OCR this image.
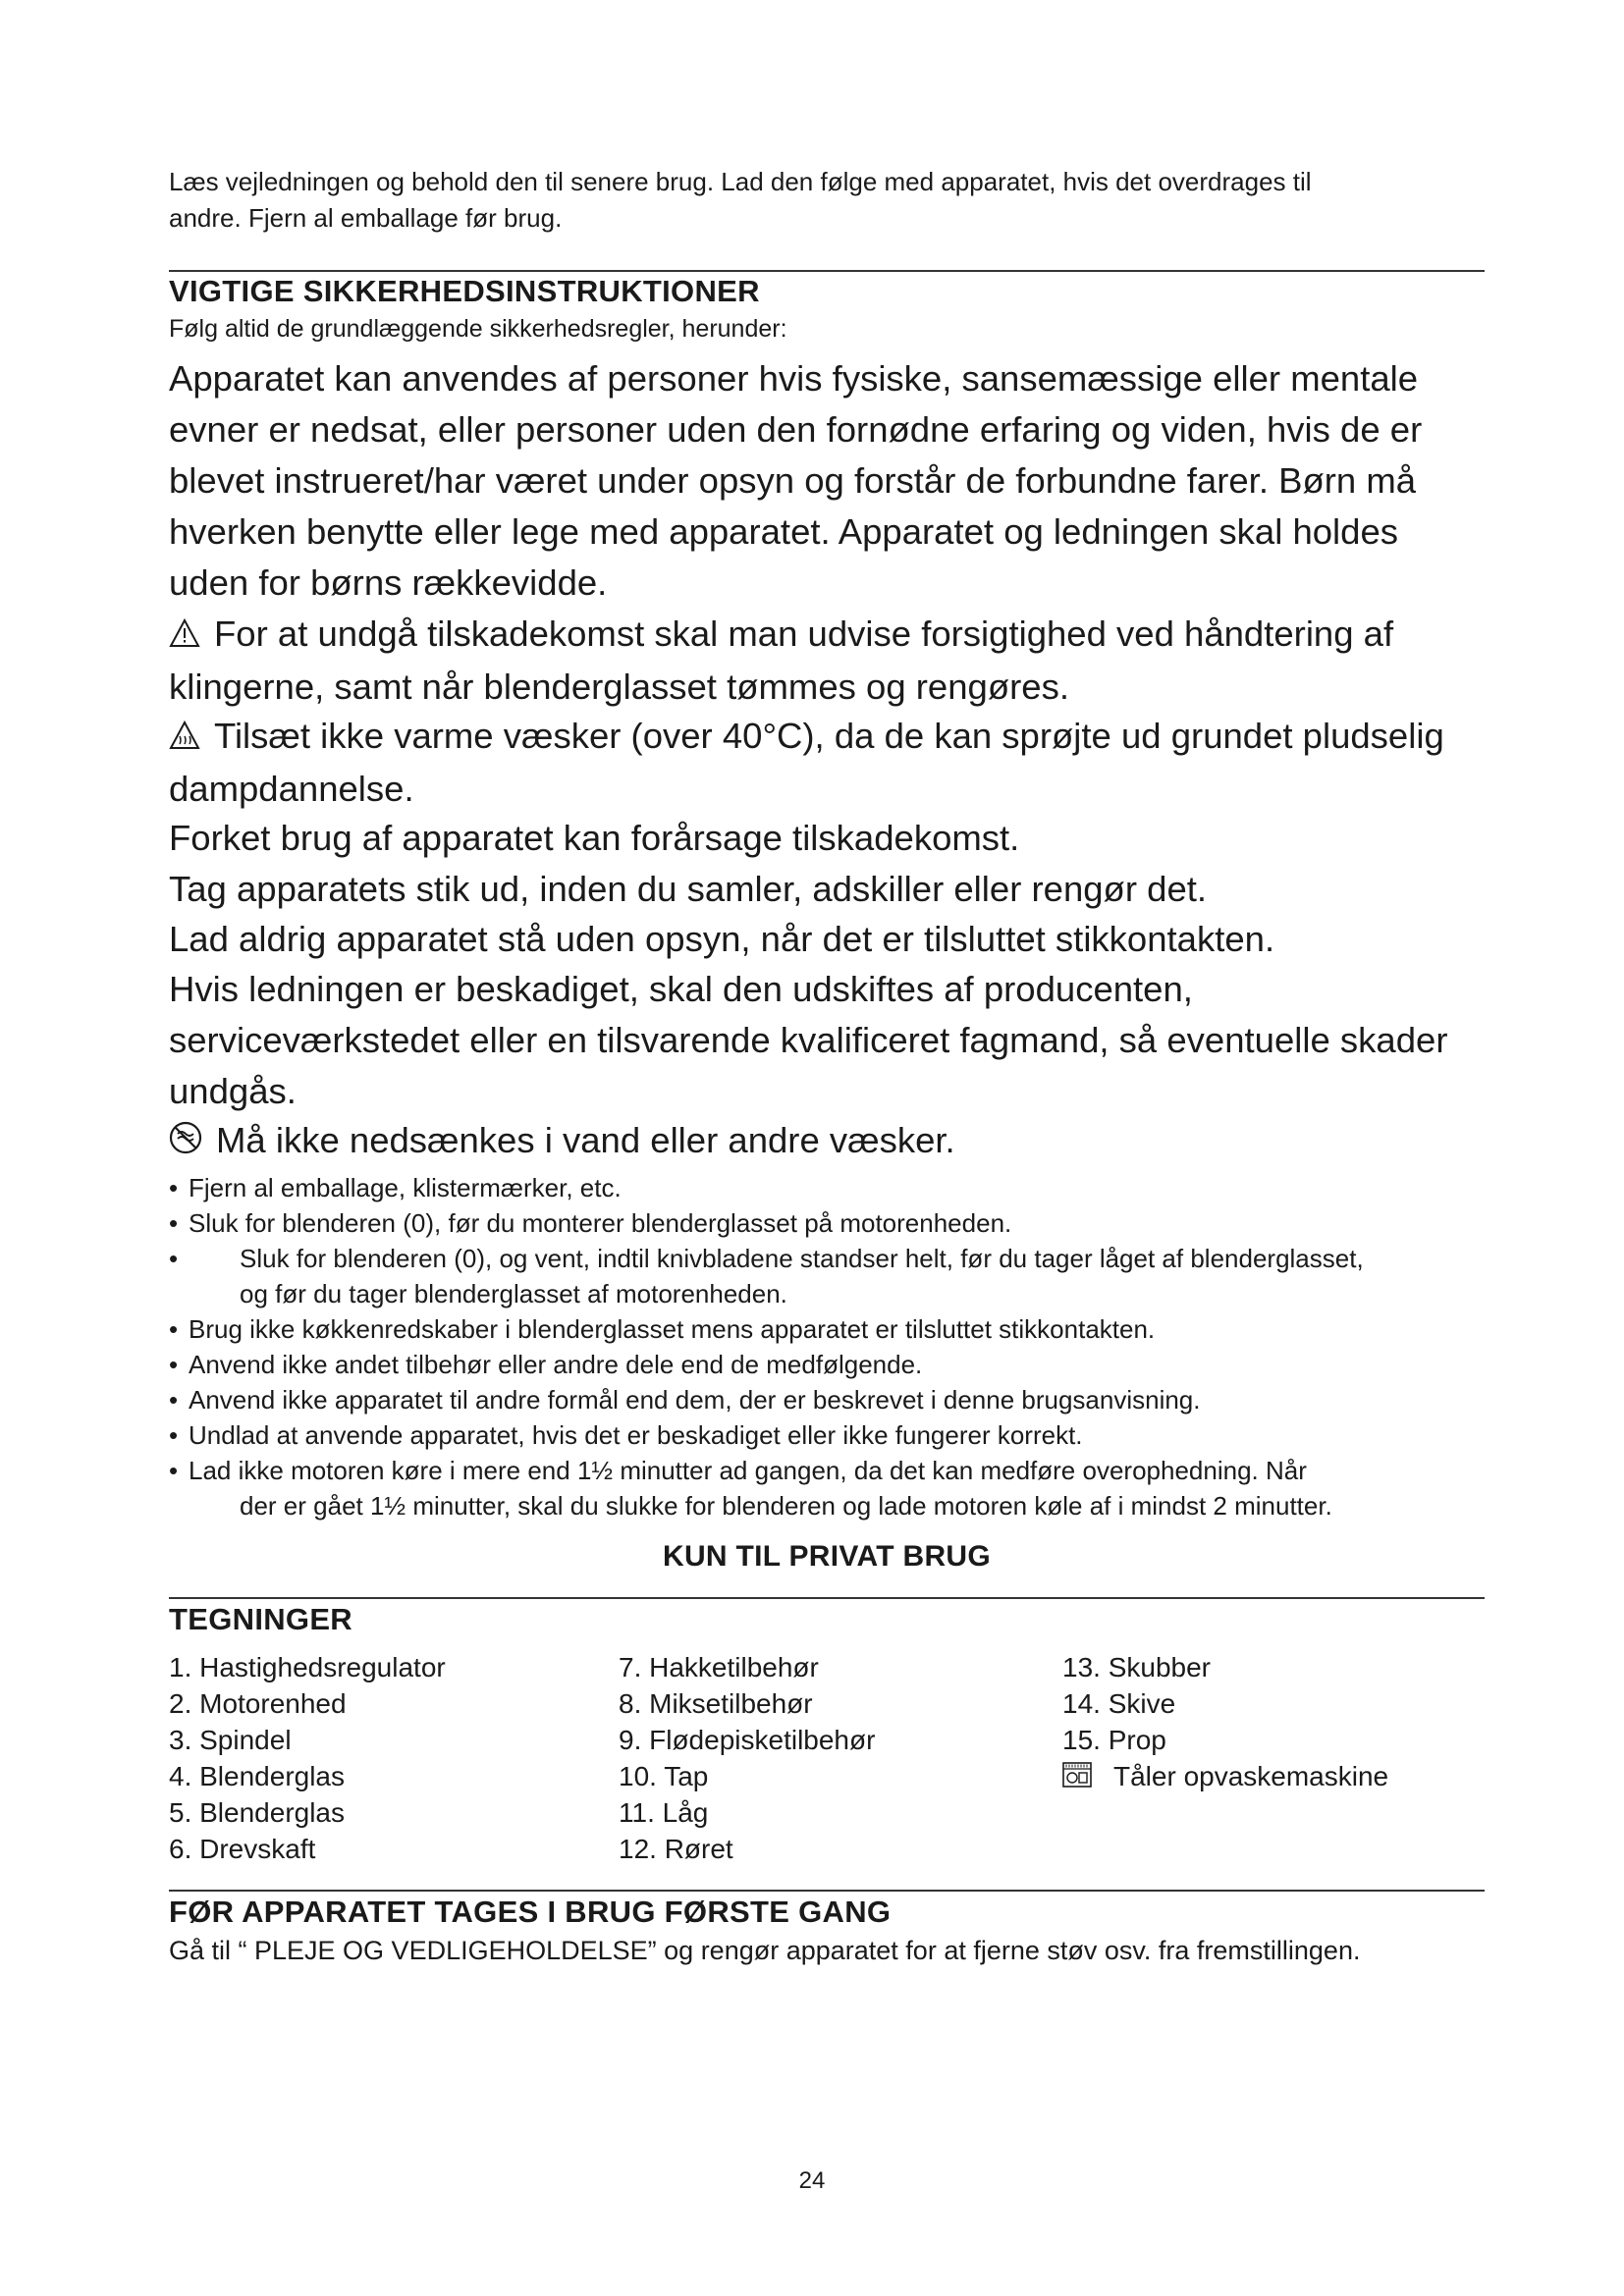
Læs vejledningen og behold den til senere brug. Lad den følge med apparatet, hvis det overdrages til
andre. Fjern al emballage før brug.
VIGTIGE SIKKERHEDSINSTRUKTIONER
Følg altid de grundlæggende sikkerhedsregler, herunder:
Apparatet kan anvendes af personer hvis fysiske, sansemæssige eller mentale
evner er nedsat, eller personer uden den fornødne erfaring og viden, hvis de er
blevet instrueret/har været under opsyn og forstår de forbundne farer. Børn må
hverken benytte eller lege med apparatet. Apparatet og ledningen skal holdes
uden for børns rækkevidde.
For at undgå tilskadekomst skal man udvise forsigtighed ved håndtering af
klingerne, samt når blenderglasset tømmes og rengøres.
Tilsæt ikke varme væsker (over 40°C), da de kan sprøjte ud grundet pludselig
dampdannelse.
Forket brug af apparatet kan forårsage tilskadekomst.
Tag apparatets stik ud, inden du samler, adskiller eller rengør det.
Lad aldrig apparatet stå uden opsyn, når det er tilsluttet stikkontakten.
Hvis ledningen er beskadiget, skal den udskiftes af producenten,
serviceværkstedet eller en tilsvarende kvalificeret fagmand, så eventuelle skader
undgås.
Må ikke nedsænkes i vand eller andre væsker.
• Fjern al emballage, klistermærker, etc.
• Sluk for blenderen (0), før du monterer blenderglasset på motorenheden.
• Sluk for blenderen (0), og vent, indtil knivbladene standser helt, før du tager låget af blenderglasset,
og før du tager blenderglasset af motorenheden.
• Brug ikke køkkenredskaber i blenderglasset mens apparatet er tilsluttet stikkontakten.
• Anvend ikke andet tilbehør eller andre dele end de medfølgende.
• Anvend ikke apparatet til andre formål end dem, der er beskrevet i denne brugsanvisning.
• Undlad at anvende apparatet, hvis det er beskadiget eller ikke fungerer korrekt.
• Lad ikke motoren køre i mere end 1½ minutter ad gangen, da det kan medføre overophedning. Når
der er gået 1½ minutter, skal du slukke for blenderen og lade motoren køle af i mindst 2 minutter.
KUN TIL PRIVAT BRUG
TEGNINGER
1. Hastighedsregulator
2. Motorenhed
3. Spindel
4. Blenderglas
5. Blenderglas
6. Drevskaft
7. Hakketilbehør
8. Miksetilbehør
9. Flødepisketilbehør
10. Tap
11. Låg
12. Røret
13. Skubber
14. Skive
15. Prop
Tåler opvaskemaskine
FØR APPARATET TAGES I BRUG FØRSTE GANG
Gå til “ PLEJE OG VEDLIGEHOLDELSE” og rengør apparatet for at fjerne støv osv. fra fremstillingen.
24
